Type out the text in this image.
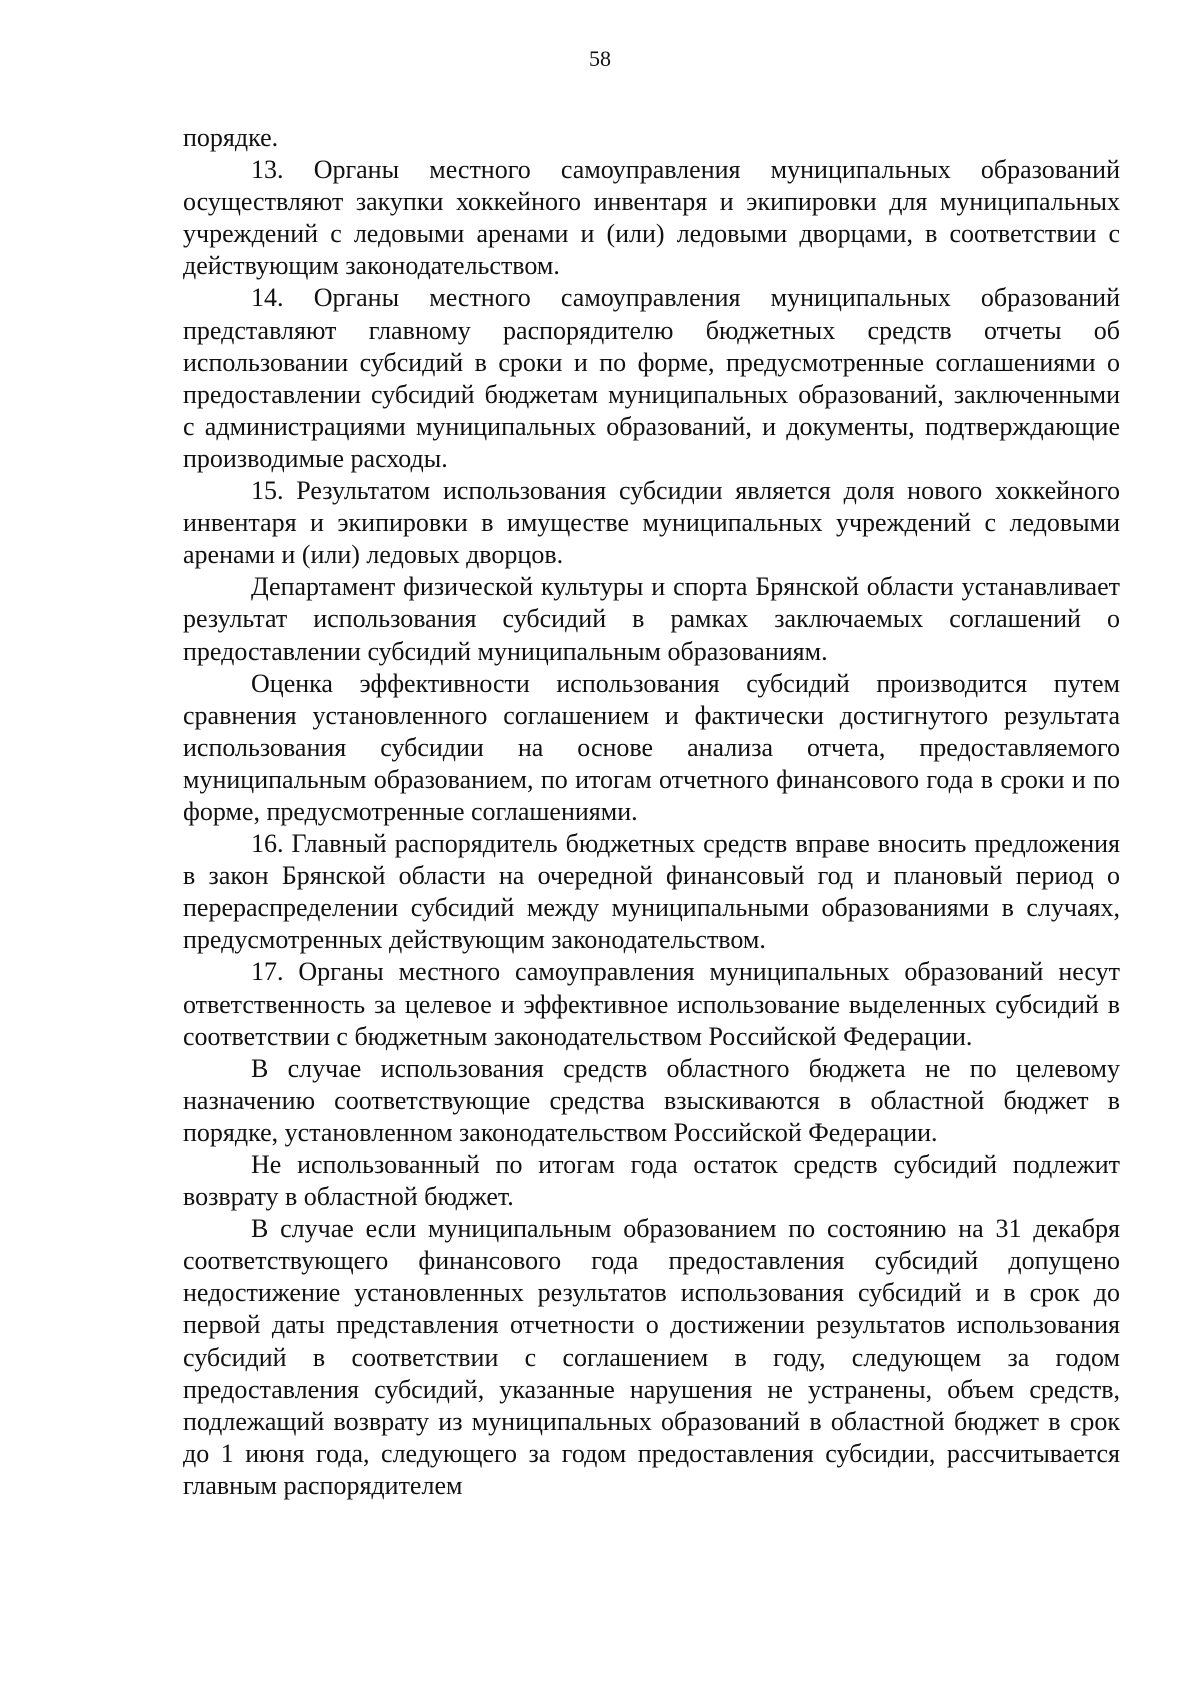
58

порядке.

13. Органы местного самоуправления муниципальных образований осуществляют закупки хоккейного инвентаря и экипировки для муниципальных учреждений с ледовыми аренами и (или) ледовыми дворцами, в соответствии с действующим законодательством.

14. Органы местного самоуправления муниципальных образований представляют главному распорядителю бюджетных средств отчеты об использовании субсидий в сроки и по форме, предусмотренные соглашениями о предоставлении субсидий бюджетам муниципальных образований, заключенными с администрациями муниципальных образований, и документы, подтверждающие производимые расходы.

15. Результатом использования субсидии является доля нового хоккейного инвентаря и экипировки в имуществе муниципальных учреждений с ледовыми аренами и (или) ледовых дворцов.

Департамент физической культуры и спорта Брянской области устанавливает результат использования субсидий в рамках заключаемых соглашений о предоставлении субсидий муниципальным образованиям.

Оценка эффективности использования субсидий производится путем сравнения установленного соглашением и фактически достигнутого результата использования субсидии на основе анализа отчета, предоставляемого муниципальным образованием, по итогам отчетного финансового года в сроки и по форме, предусмотренные соглашениями.

16. Главный распорядитель бюджетных средств вправе вносить предложения в закон Брянской области на очередной финансовый год и плановый период о перераспределении субсидий между муниципальными образованиями в случаях, предусмотренных действующим законодательством.

17. Органы местного самоуправления муниципальных образований несут ответственность за целевое и эффективное использование выделенных субсидий в соответствии с бюджетным законодательством Российской Федерации.

В случае использования средств областного бюджета не по целевому назначению соответствующие средства взыскиваются в областной бюджет в порядке, установленном законодательством Российской Федерации.

Не использованный по итогам года остаток средств субсидий подлежит возврату в областной бюджет.

В случае если муниципальным образованием по состоянию на 31 декабря соответствующего финансового года предоставления субсидий допущено недостижение установленных результатов использования субсидий и в срок до первой даты представления отчетности о достижении результатов использования субсидий в соответствии с соглашением в году, следующем за годом предоставления субсидий, указанные нарушения не устранены, объем средств, подлежащий возврату из муниципальных образований в областной бюджет в срок до 1 июня года, следующего за годом предоставления субсидии, рассчитывается главным распорядителем
